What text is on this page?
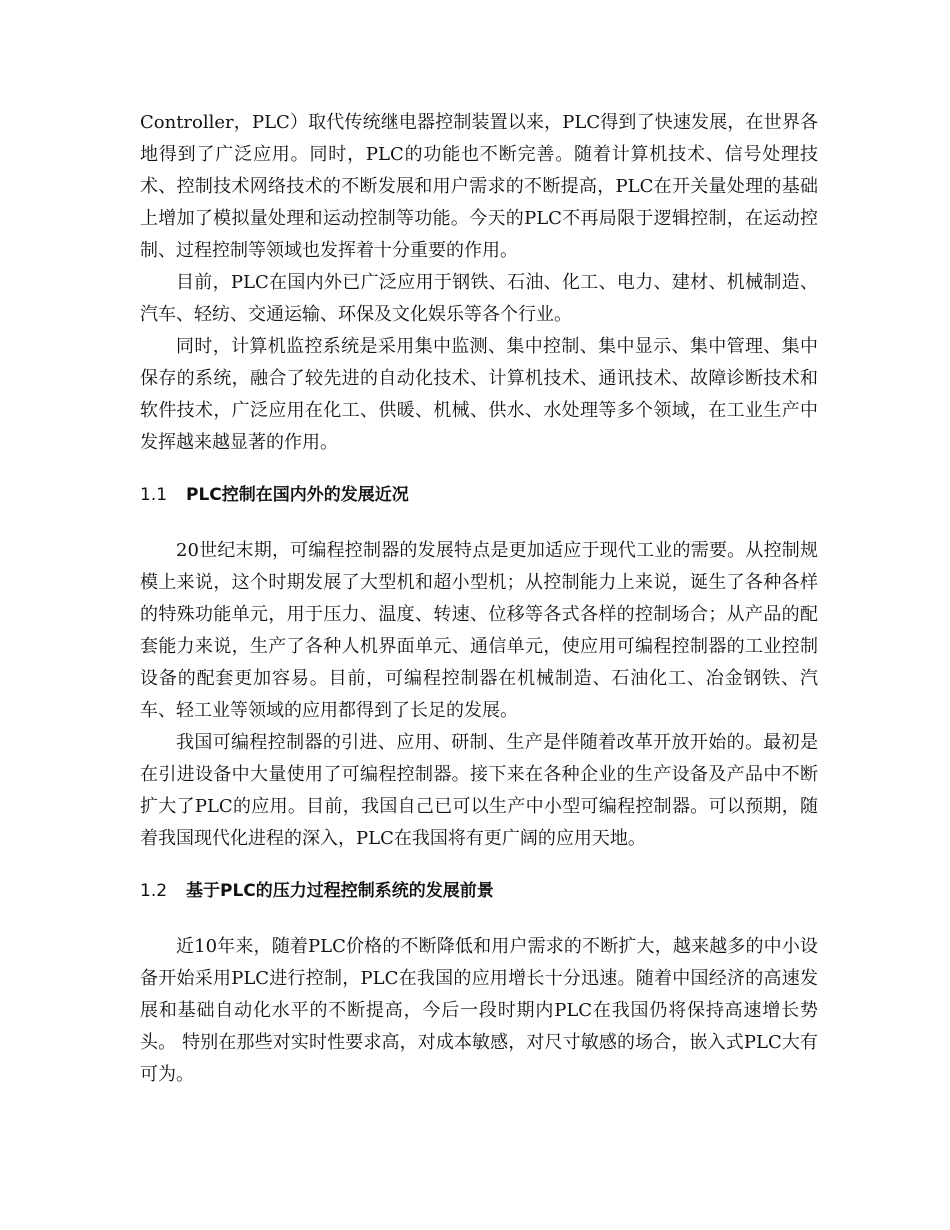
Controller，PLC）取代传统继电器控制装置以来，PLC得到了快速发展，在世界各地得到了广泛应用。同时，PLC的功能也不断完善。随着计算机技术、信号处理技术、控制技术网络技术的不断发展和用户需求的不断提高，PLC在开关量处理的基础上增加了模拟量处理和运动控制等功能。今天的PLC不再局限于逻辑控制，在运动控制、过程控制等领域也发挥着十分重要的作用。

目前，PLC在国内外已广泛应用于钢铁、石油、化工、电力、建材、机械制造、汽车、轻纺、交通运输、环保及文化娱乐等各个行业。

同时，计算机监控系统是采用集中监测、集中控制、集中显示、集中管理、集中保存的系统，融合了较先进的自动化技术、计算机技术、通讯技术、故障诊断技术和软件技术，广泛应用在化工、供暖、机械、供水、水处理等多个领域，在工业生产中发挥越来越显著的作用。

1.1 PLC控制在国内外的发展近况

20世纪末期，可编程控制器的发展特点是更加适应于现代工业的需要。从控制规模上来说，这个时期发展了大型机和超小型机；从控制能力上来说，诞生了各种各样的特殊功能单元，用于压力、温度、转速、位移等各式各样的控制场合；从产品的配套能力来说，生产了各种人机界面单元、通信单元，使应用可编程控制器的工业控制设备的配套更加容易。目前，可编程控制器在机械制造、石油化工、冶金钢铁、汽车、轻工业等领域的应用都得到了长足的发展。

我国可编程控制器的引进、应用、研制、生产是伴随着改革开放开始的。最初是在引进设备中大量使用了可编程控制器。接下来在各种企业的生产设备及产品中不断扩大了PLC的应用。目前，我国自己已可以生产中小型可编程控制器。可以预期，随着我国现代化进程的深入，PLC在我国将有更广阔的应用天地。

1.2 基于PLC的压力过程控制系统的发展前景

近10年来，随着PLC价格的不断降低和用户需求的不断扩大，越来越多的中小设备开始采用PLC进行控制，PLC在我国的应用增长十分迅速。随着中国经济的高速发展和基础自动化水平的不断提高，今后一段时期内PLC在我国仍将保持高速增长势头。 特别在那些对实时性要求高，对成本敏感，对尺寸敏感的场合，嵌入式PLC大有可为。
